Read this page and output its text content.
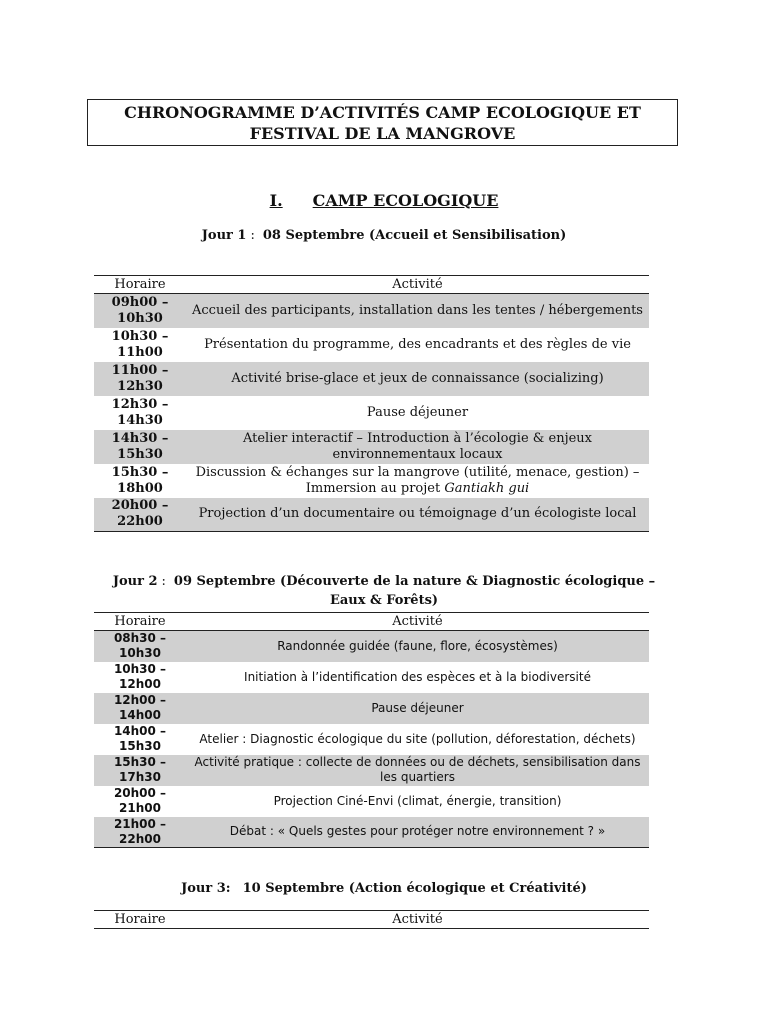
CHRONOGRAMME D’ACTIVITÉS CAMP ECOLOGIQUE ET
FESTIVAL DE LA MANGROVE
I. CAMP ECOLOGIQUE
Jour 1 : 08 Septembre (Accueil et Sensibilisation)
Horaire	Activité
09h00 – 10h30	Accueil des participants, installation dans les tentes / hébergements
10h30 – 11h00	Présentation du programme, des encadrants et des règles de vie
11h00 – 12h30	Activité brise-glace et jeux de connaissance (socializing)
12h30 – 14h30	Pause déjeuner
14h30 – 15h30	Atelier interactif – Introduction à l’écologie & enjeux environnementaux locaux
15h30 – 18h00	Discussion & échanges sur la mangrove (utilité, menace, gestion) – Immersion au projet Gantiakh gui
20h00 – 22h00	Projection d’un documentaire ou témoignage d’un écologiste local
Jour 2 : 09 Septembre (Découverte de la nature & Diagnostic écologique – Eaux & Forêts)
Horaire	Activité
08h30 – 10h30	Randonnée guidée (faune, flore, écosystèmes)
10h30 – 12h00	Initiation à l’identification des espèces et à la biodiversité
12h00 – 14h00	Pause déjeuner
14h00 – 15h30	Atelier : Diagnostic écologique du site (pollution, déforestation, déchets)
15h30 – 17h30	Activité pratique : collecte de données ou de déchets, sensibilisation dans les quartiers
20h00 – 21h00	Projection Ciné-Envi (climat, énergie, transition)
21h00 – 22h00	Débat : « Quels gestes pour protéger notre environnement ? »
Jour 3: 10 Septembre (Action écologique et Créativité)
Horaire	Activité
